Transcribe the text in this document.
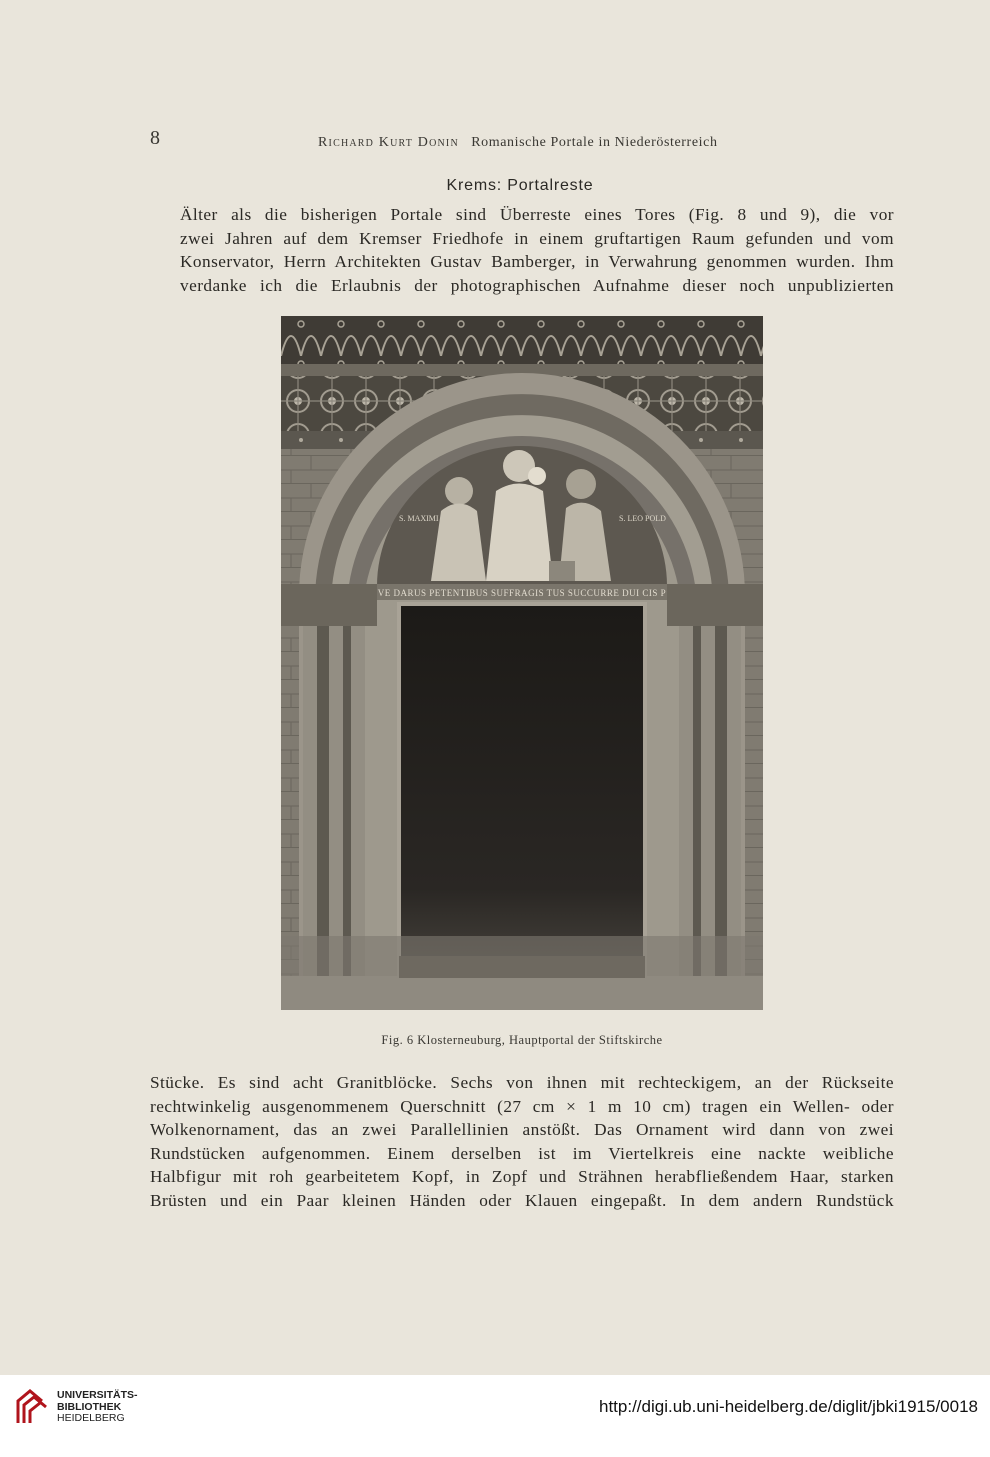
8	Richard Kurt Donin Romanische Portale in Niederösterreich
Krems: Portalreste
Älter als die bisherigen Portale sind Überreste eines Tores (Fig. 8 und 9), die vor
zwei Jahren auf dem Kremser Friedhofe in einem gruftartigen Raum gefunden und vom
Konservator, Herrn Architekten Gustav Bamberger, in Verwahrung genommen wurden. Ihm
verdanke ich die Erlaubnis der photographischen Aufnahme dieser noch unpublizierten
S. MAXIMI	S. LEO POLD
VE DARUS PETENTIBUS SUFFRAGIS TUS SUCCURRE DUI CIS P
Fig. 6 Klosterneuburg, Hauptportal der Stiftskirche
Stücke. Es sind acht Granitblöcke. Sechs von ihnen mit rechteckigem, an der Rückseite
rechtwinkelig ausgenommenem Querschnitt (27 cm × 1 m 10 cm) tragen ein Wellen- oder
Wolkenornament, das an zwei Parallellinien anstößt. Das Ornament wird dann von zwei
Rundstücken aufgenommen. Einem derselben ist im Viertelkreis eine nackte weibliche
Halbfigur mit roh gearbeitetem Kopf, in Zopf und Strähnen herabfließendem Haar, starken
Brüsten und ein Paar kleinen Händen oder Klauen eingepaßt. In dem andern Rundstück
UNIVERSITÄTS-
BIBLIOTHEK
HEIDELBERG
http://digi.ub.uni-heidelberg.de/diglit/jbki1915/0018
